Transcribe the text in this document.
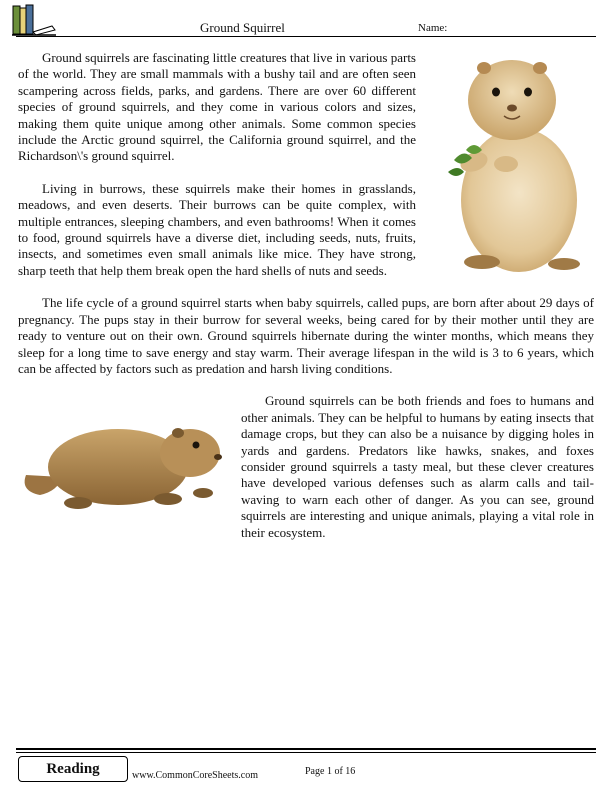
Ground Squirrel	Name:

Ground squirrels are fascinating little creatures that live in various parts of the world. They are small mammals with a bushy tail and are often seen scampering across fields, parks, and gardens. There are over 60 different species of ground squirrels, and they come in various colors and sizes, making them quite unique among other animals. Some common species include the Arctic ground squirrel, the California ground squirrel, and the Richardson\'s ground squirrel.

Living in burrows, these squirrels make their homes in grasslands, meadows, and even deserts. Their burrows can be quite complex, with multiple entrances, sleeping chambers, and even bathrooms! When it comes to food, ground squirrels have a diverse diet, including seeds, nuts, fruits, insects, and sometimes even small animals like mice. They have strong, sharp teeth that help them break open the hard shells of nuts and seeds.

The life cycle of a ground squirrel starts when baby squirrels, called pups, are born after about 29 days of pregnancy. The pups stay in their burrow for several weeks, being cared for by their mother until they are ready to venture out on their own. Ground squirrels hibernate during the winter months, which means they sleep for a long time to save energy and stay warm. Their average lifespan in the wild is 3 to 6 years, which can be affected by factors such as predation and harsh living conditions.

Ground squirrels can be both friends and foes to humans and other animals. They can be helpful to humans by eating insects that damage crops, but they can also be a nuisance by digging holes in yards and gardens. Predators like hawks, snakes, and foxes consider ground squirrels a tasty meal, but these clever creatures have developed various defenses such as alarm calls and tail-waving to warn each other of danger. As you can see, ground squirrels are interesting and unique animals, playing a vital role in their ecosystem.

Reading	www.CommonCoreSheets.com	Page 1 of 16
